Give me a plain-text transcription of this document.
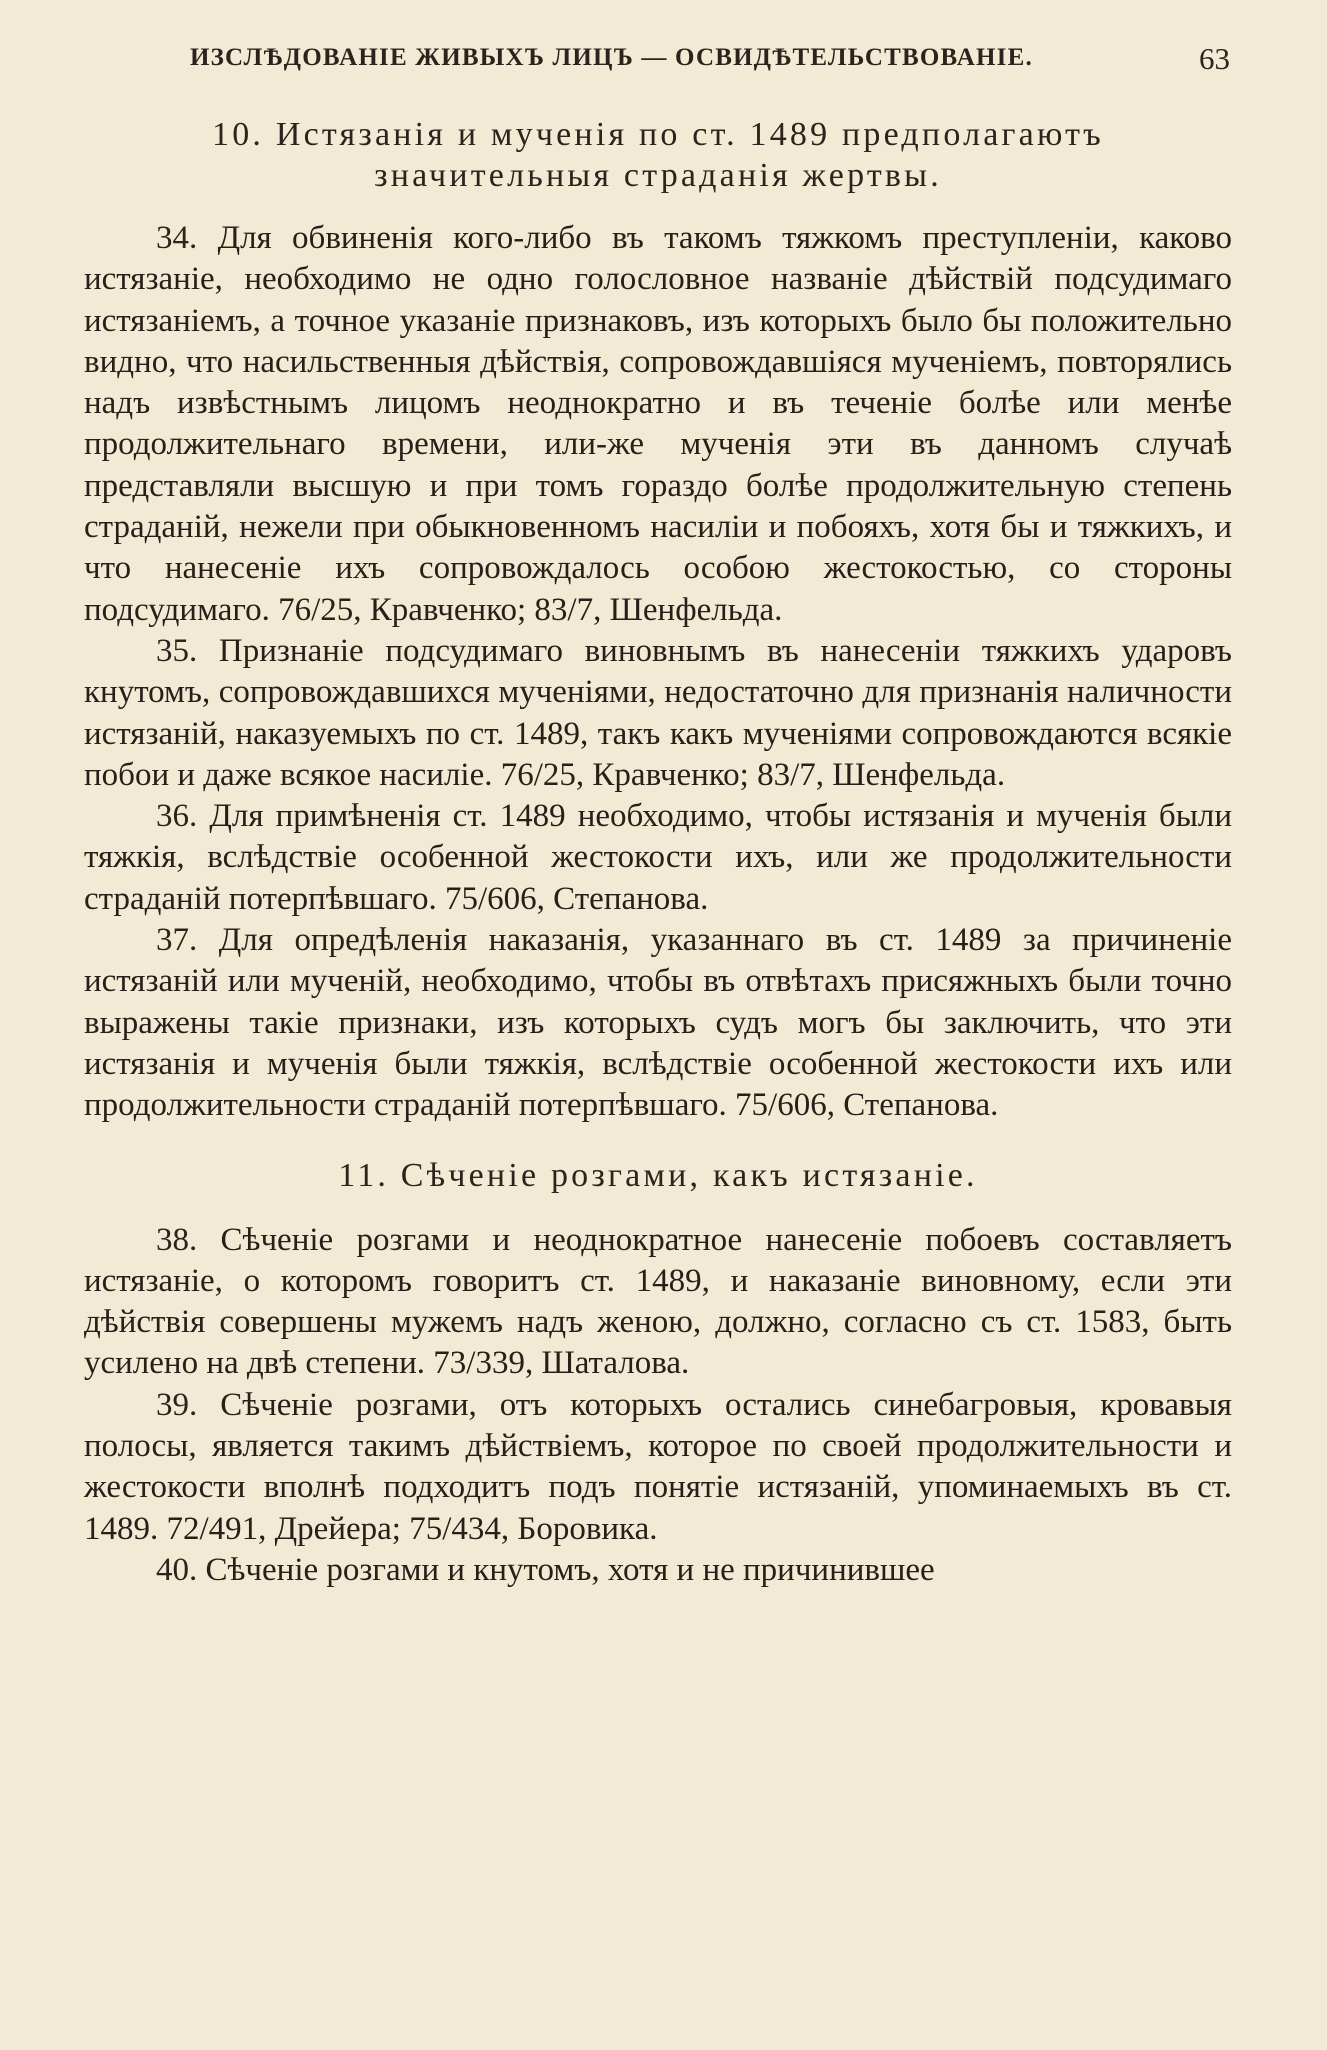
ИЗСЛѢДОВАНІЕ ЖИВЫХЪ ЛИЦЪ — ОСВИДѢТЕЛЬСТВОВАНІЕ.	63
10. Истязанія и мученія по ст. 1489 предполагаютъ
значительныя страданія жертвы.

34. Для обвиненія кого-либо въ такомъ тяжкомъ преступленіи, каково истязаніе, необходимо не одно голословное названіе дѣйствій подсудимаго истязаніемъ, а точное указаніе признаковъ, изъ которыхъ было бы положительно видно, что насильственныя дѣйствія, сопровождавшіяся мученіемъ, повторялись надъ извѣстнымъ лицомъ неоднократно и въ теченіе болѣе или менѣе продолжительнаго времени, или-же мученія эти въ данномъ случаѣ представляли высшую и при томъ гораздо болѣе продолжительную степень страданій, нежели при обыкновенномъ насиліи и побояхъ, хотя бы и тяжкихъ, и что нанесеніе ихъ сопровождалось особою жестокостью, со стороны подсудимаго. 76/25, Кравченко; 83/7, Шенфельда.

35. Признаніе подсудимаго виновнымъ въ нанесеніи тяжкихъ ударовъ кнутомъ, сопровождавшихся мученіями, недостаточно для признанія наличности истязаній, наказуемыхъ по ст. 1489, такъ какъ мученіями сопровождаются всякіе побои и даже всякое насиліе. 76/25, Кравченко; 83/7, Шенфельда.

36. Для примѣненія ст. 1489 необходимо, чтобы истязанія и мученія были тяжкія, вслѣдствіе особенной жестокости ихъ, или же продолжительности страданій потерпѣвшаго. 75/606, Степанова.

37. Для опредѣленія наказанія, указаннаго въ ст. 1489 за причиненіе истязаній или мученій, необходимо, чтобы въ отвѣтахъ присяжныхъ были точно выражены такіе признаки, изъ которыхъ судъ могъ бы заключить, что эти истязанія и мученія были тяжкія, вслѣдствіе особенной жестокости ихъ или продолжительности страданій потерпѣвшаго. 75/606, Степанова.

11. Сѣченіе розгами, какъ истязаніе.

38. Сѣченіе розгами и неоднократное нанесеніе побоевъ составляетъ истязаніе, о которомъ говоритъ ст. 1489, и наказаніе виновному, если эти дѣйствія совершены мужемъ надъ женою, должно, согласно съ ст. 1583, быть усилено на двѣ степени. 73/339, Шаталова.

39. Сѣченіе розгами, отъ которыхъ остались синебагровыя, кровавыя полосы, является такимъ дѣйствіемъ, которое по своей продолжительности и жестокости вполнѣ подходитъ подъ понятіе истязаній, упоминаемыхъ въ ст. 1489. 72/491, Дрейера; 75/434, Боровика.

40. Сѣченіе розгами и кнутомъ, хотя и не причинившее
